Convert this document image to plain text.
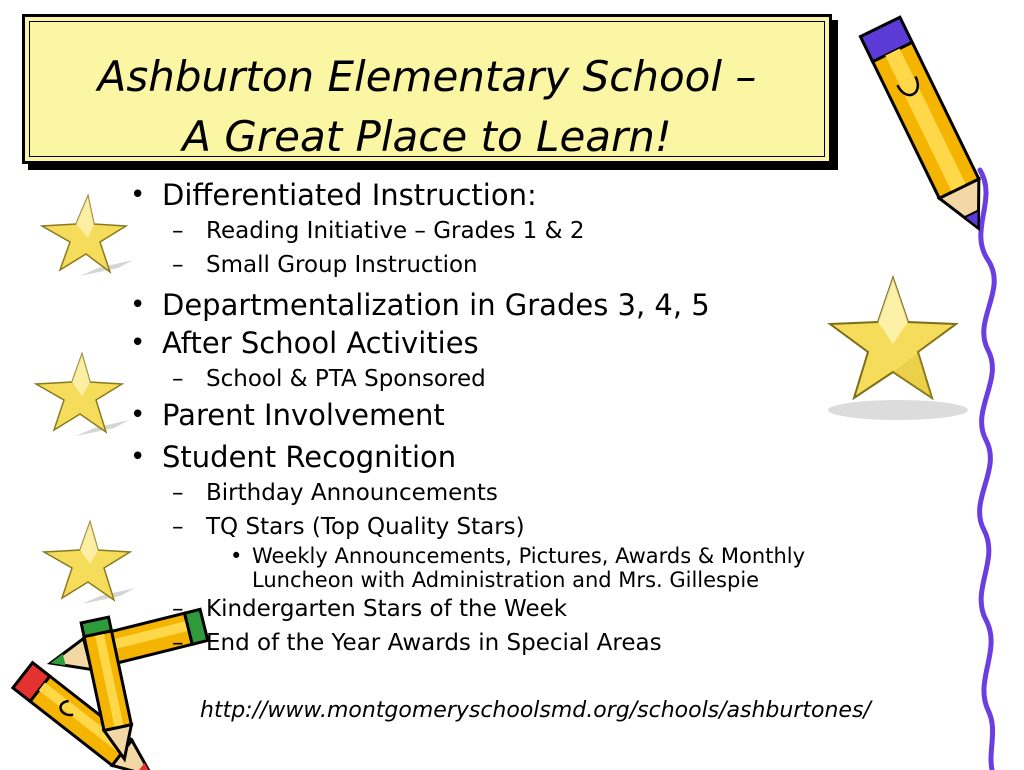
Ashburton Elementary School –
A Great Place to Learn!
• Differentiated Instruction:
– Reading Initiative – Grades 1 & 2
– Small Group Instruction
• Departmentalization in Grades 3, 4, 5
• After School Activities
– School & PTA Sponsored
• Parent Involvement
• Student Recognition
– Birthday Announcements
– TQ Stars (Top Quality Stars)
• Weekly Announcements, Pictures, Awards & Monthly Luncheon with Administration and Mrs. Gillespie
– Kindergarten Stars of the Week
– End of the Year Awards in Special Areas
http://www.montgomeryschoolsmd.org/schools/ashburtones/
